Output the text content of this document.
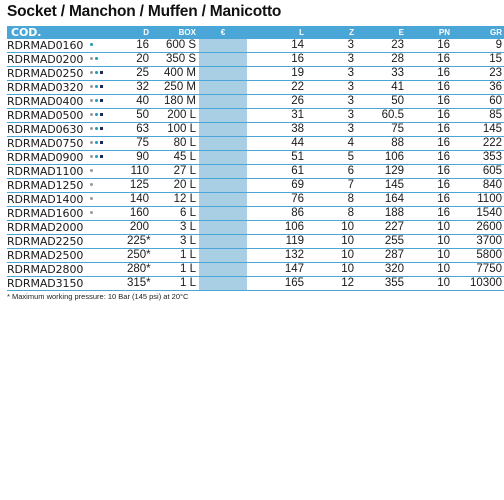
Socket / Manchon / Muffen / Manicotto
COD.		D	BOX	€	L	Z	E	PN	GR
RDRMAD0160		16	600 S		14	3	23	16	9
RDRMAD0200		20	350 S		16	3	28	16	15
RDRMAD0250		25	400 M		19	3	33	16	23
RDRMAD0320		32	250 M		22	3	41	16	36
RDRMAD0400		40	180 M		26	3	50	16	60
RDRMAD0500		50	200 L		31	3	60.5	16	85
RDRMAD0630		63	100 L		38	3	75	16	145
RDRMAD0750		75	80 L		44	4	88	16	222
RDRMAD0900		90	45 L		51	5	106	16	353
RDRMAD1100		110	27 L		61	6	129	16	605
RDRMAD1250		125	20 L		69	7	145	16	840
RDRMAD1400		140	12 L		76	8	164	16	1100
RDRMAD1600		160	6 L		86	8	188	16	1540
RDRMAD2000		200	3 L		106	10	227	10	2600
RDRMAD2250		225*	3 L		119	10	255	10	3700
RDRMAD2500		250*	1 L		132	10	287	10	5800
RDRMAD2800		280*	1 L		147	10	320	10	7750
RDRMAD3150		315*	1 L		165	12	355	10	10300
* Maximum working pressure: 10 Bar (145 psi) at 20°C
